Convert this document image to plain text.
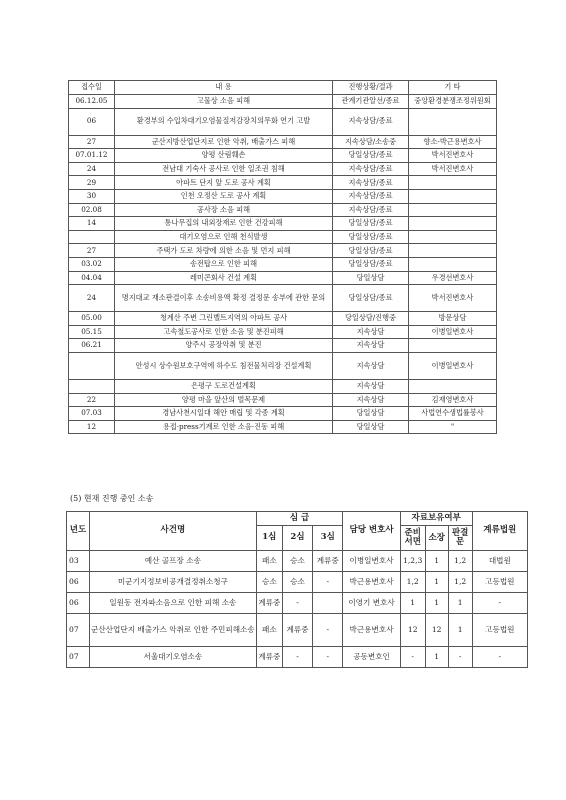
접수일	내 용	진행상황/결과	기 타
06.12.05	고물상 소음 피해	관계기관알선/종료	중앙환경분쟁조정위원회
06	환경부의 수입차대기오염물질저감장치의무화 연기 고발	지속상담/종료	
27	군산지방산업단지로 인한 악취, 배출가스 피해	지속상담/소송중	향소-박근용변호사
07.01.12	양평 산림훼손	당일상담/종료	박서진변호사
24	전남대 기숙사 공사로 인한 일조권 침해	지속상담/종료	박서진변호사
29	아파트 단지 앞 도로 공사 계획	지속상담/종료	
30	인천 오정산 도로 공사 계획	지속상담/종료	
02.08	공사장 소음 피해	지속상담/종료	
14	통나무집의 내외장재로 인한 건강피해	당일상담/종료	
	대기오염으로 인해 천식발생	당일상담/종료	
27	주택가 도로 차량에 의한 소음 및 먼지 피해	당일상담/종료	
03.02	송전탑으로 인한 피해	당일상담/종료	
04.04	레미콘회사 건설 계획	당일상담	우경선변호사
24	명지대교 재소판결이후 소송비용액 확정 결정문 송부에 관한 문의	당일상담/종료	박서진변호사
05.00	청계산 주변 그린벨트지역의 아파트 공사	당일상담/진행중	방문상담
05.15	고속철도공사로 인한 소음 및 분진피해	지속상담	이병일변호사
06.21	양주시 공장악취 및 분진	지속상담	
	안성시 상수원보호구역에 하수도 침전물처리장 건설계획	지속상담	이병일변호사
	은평구 도로건설계획	지속상담	
22	양평 마을 앞산의 벌목문제	지속상담	김재영변호사
07.03	경남사천시일대 해안 매립 및 각종 계획	당일상담	사법연수생법률봉사
12	용접·press기계로 인한 소음·진동 피해	당일상담	"
(5) 현재 진행 중인 소송
년도	사건명	심 급			담당 변호사	자료보유여부			계류법원
		1심	2심	3심		준비서면	소장	판결문	
03	예산 골프장 소송	패소	승소	계류중	이병일변호사	1,2,3	1	1,2	대법원
06	미군기지정보비공개결정취소청구	승소	승소	-	박근용변호사	1,2	1	1,2	고등법원
06	일원동 전자파소음으로 인한 피해 소송	계류중	-		이영기 변호사	1	1	1	-
07	군산산업단지 배출가스 악취로 인한 주민피해소송	패소	계류중	-	박근용변호사	12	12	1	고등법원
07	서울대기오염소송	계류중	-	-	공동변호인	-	1	-	-
